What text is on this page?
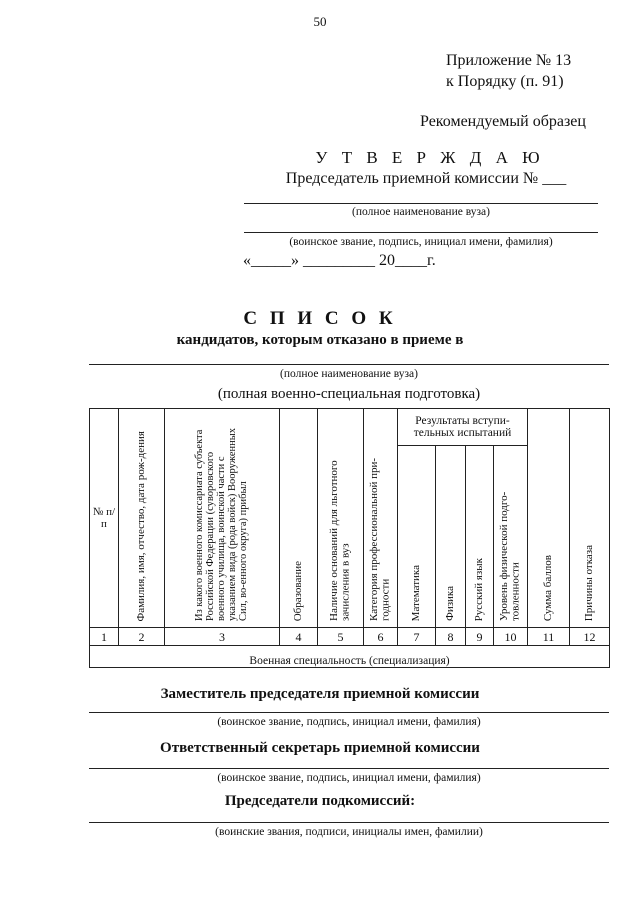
50
Приложение № 13
к Порядку (п. 91)
Рекомендуемый образец
У Т В Е Р Ж Д А Ю
Председатель приемной комиссии № ___
(полное наименование вуза)
(воинское звание, подпись, инициал имени, фамилия)
«_____» _________ 20____г.
С П И С О К
кандидатов, которым отказано в приеме в
(полное наименование вуза)
(полная военно-специальная подготовка)
№ п/п	Фамилия, имя, отчество, дата рож-дения	Из какого военного комиссариата субъекта Российской Федерации (суворовского военного училища, воинской части с указанием вида (рода войск) Вооруженных Сил, во-енного округа) прибыл	Образование	Наличие оснований для льготного зачисления в вуз	Категория профессиональной при-годности	Результаты вступи-тельных испытаний				Сумма баллов	Причины отказа
						Математика	Физика	Русский язык	Уровень физической подго-товленности		
1	2	3	4	5	6	7	8	9	10	11	12
Военная специальность (специализация)											
Заместитель председателя приемной комиссии
(воинское звание, подпись, инициал имени, фамилия)
Ответственный секретарь приемной комиссии
(воинское звание, подпись, инициал имени, фамилия)
Председатели подкомиссий:
(воинские звания, подписи, инициалы имен, фамилии)
